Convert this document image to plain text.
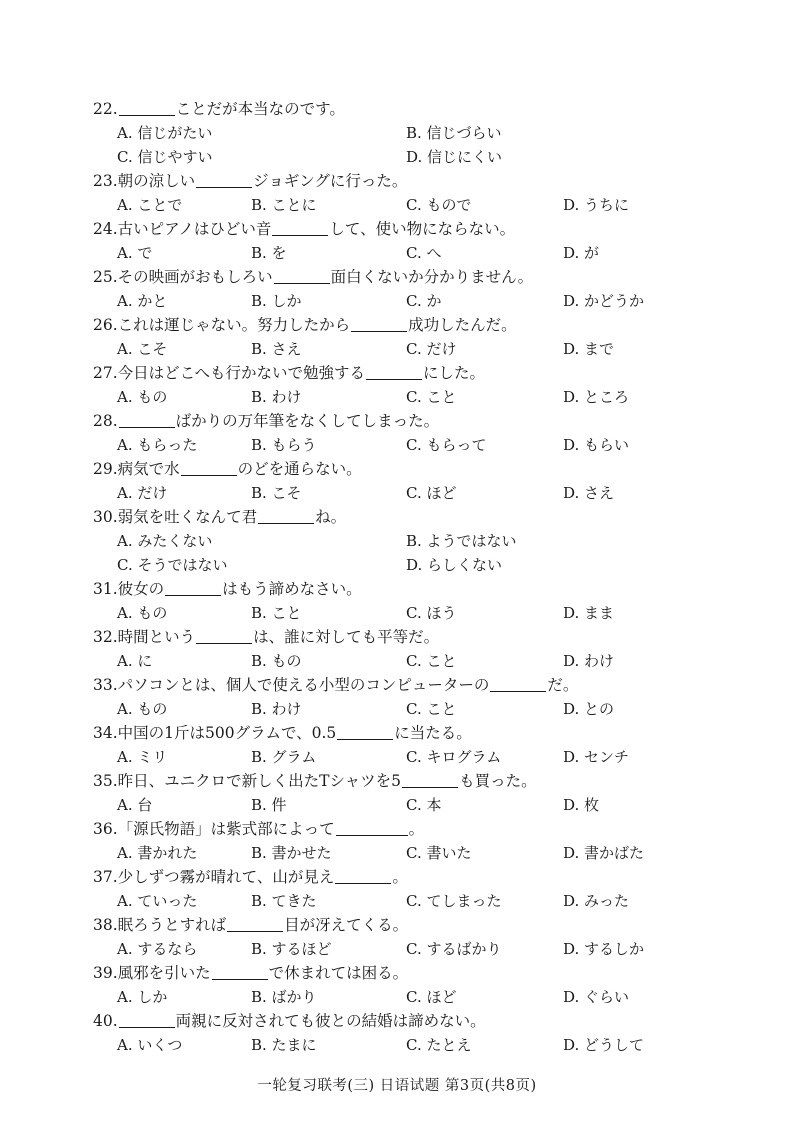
22.	ことだが本当なのです。
A. 信じがたい	B. 信じづらい
C. 信じやすい	D. 信じにくい
23.朝の涼しい	ジョギングに行った。
A. ことで	B. ことに	C. もので	D. うちに
24.古いピアノはひどい音	して、使い物にならない。
A. で	B. を	C. へ	D. が
25.その映画がおもしろい	面白くないか分かりません。
A. かと	B. しか	C. か	D. かどうか
26.これは運じゃない。努力したから	成功したんだ。
A. こそ	B. さえ	C. だけ	D. まで
27.今日はどこへも行かないで勉強する	にした。
A. もの	B. わけ	C. こと	D. ところ
28.	ばかりの万年筆をなくしてしまった。
A. もらった	B. もらう	C. もらって	D. もらい
29.病気で水	のどを通らない。
A. だけ	B. こそ	C. ほど	D. さえ
30.弱気を吐くなんて君	ね。
A. みたくない	B. ようではない
C. そうではない	D. らしくない
31.彼女の	はもう諦めなさい。
A. もの	B. こと	C. ほう	D. まま
32.時間という	は、誰に対しても平等だ。
A. に	B. もの	C. こと	D. わけ
33.パソコンとは、個人で使える小型のコンピューターの	だ。
A. もの	B. わけ	C. こと	D. との
34.中国の1斤は500グラムで、0.5	に当たる。
A. ミリ	B. グラム	C. キログラム	D. センチ
35.昨日、ユニクロで新しく出たTシャツを5	も買った。
A. 台	B. 件	C. 本	D. 枚
36.「源氏物語」は紫式部によって	。
A. 書かれた	B. 書かせた	C. 書いた	D. 書かばた
37.少しずつ霧が晴れて、山が見え	。
A. ていった	B. てきた	C. てしまった	D. みった
38.眠ろうとすれば	目が冴えてくる。
A. するなら	B. するほど	C. するばかり	D. するしか
39.風邪を引いた	で休まれては困る。
A. しか	B. ばかり	C. ほど	D. ぐらい
40.	両親に反対されても彼との結婚は諦めない。
A. いくつ	B. たまに	C. たとえ	D. どうして
一轮复习联考(三) 日语试题 第3页(共8页)
